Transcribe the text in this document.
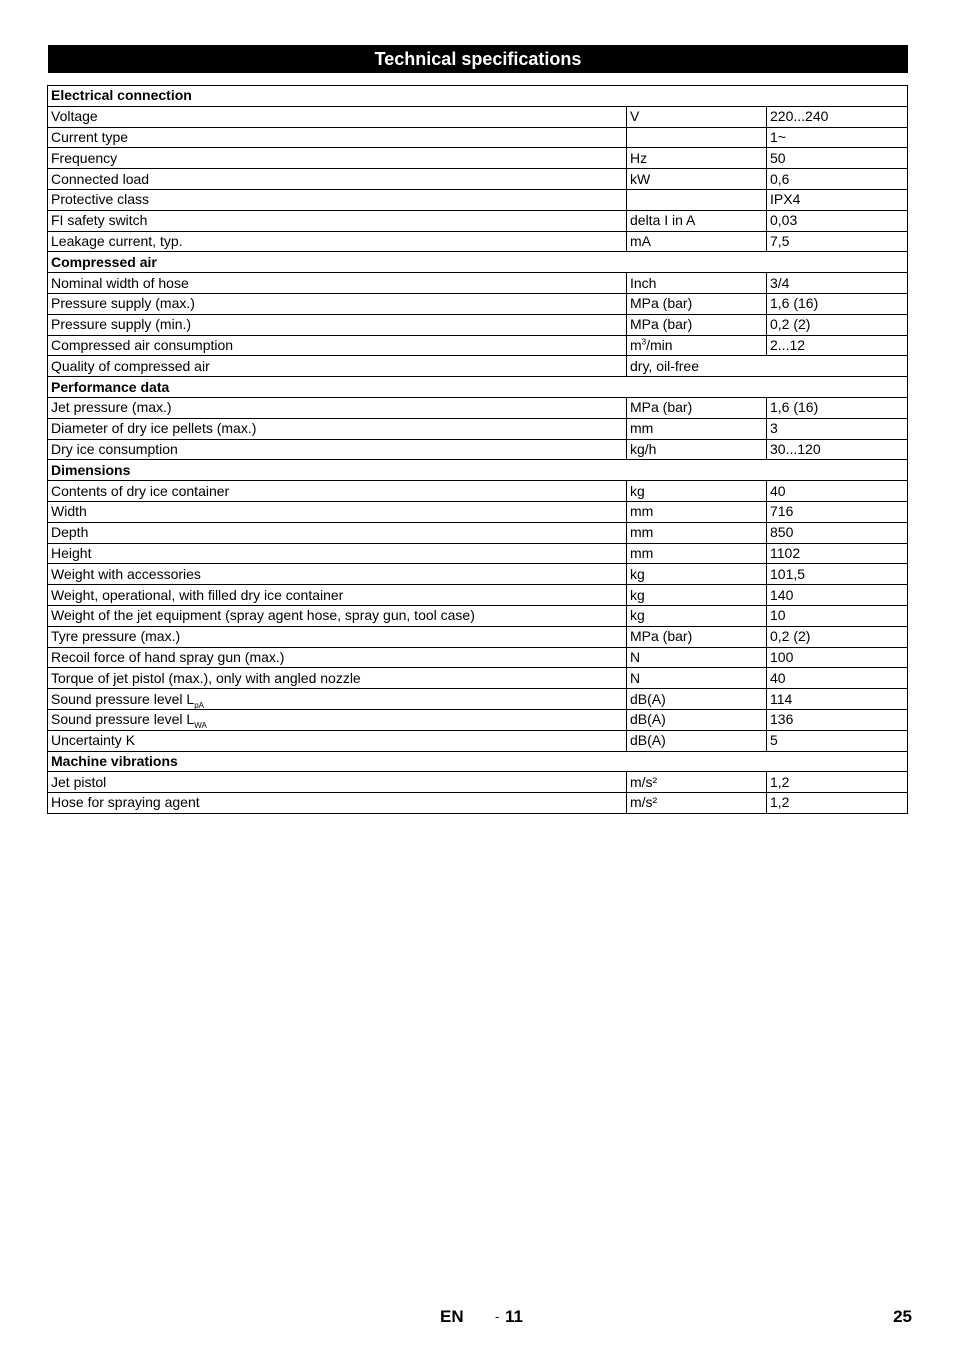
Technical specifications
Electrical connection		
Voltage	V	220...240
Current type		1~
Frequency	Hz	50
Connected load	kW	0,6
Protective class		IPX4
FI safety switch	delta I in A	0,03
Leakage current, typ.	mA	7,5
Compressed air		
Nominal width of hose	Inch	3/4
Pressure supply (max.)	MPa (bar)	1,6 (16)
Pressure supply (min.)	MPa (bar)	0,2 (2)
Compressed air consumption	$m^3/\min$	2...12
Quality of compressed air	dry, oil-free	
Performance data		
Jet pressure (max.)	MPa (bar)	1,6 (16)
Diameter of dry ice pellets (max.)	mm	3
Dry ice consumption	kg/h	30...120
Dimensions		
Contents of dry ice container	kg	40
Width	mm	716
Depth	mm	850
Height	mm	1102
Weight with accessories	kg	101,5
Weight, operational, with filled dry ice container	kg	140
Weight of the jet equipment (spray agent hose, spray gun, tool case)	kg	10
Tyre pressure (max.)	MPa (bar)	0,2 (2)
Recoil force of hand spray gun (max.)	N	100
Torque of jet pistol (max.), only with angled nozzle	N	40
Sound pressure level $L_{pA}$	dB(A)	114
Sound pressure level $L_{WA}$	dB(A)	136
Uncertainty K	dB(A)	5
Machine vibrations		
Jet pistol	m/s²	1,2
Hose for spraying agent	m/s²	1,2
EN - 11	25
